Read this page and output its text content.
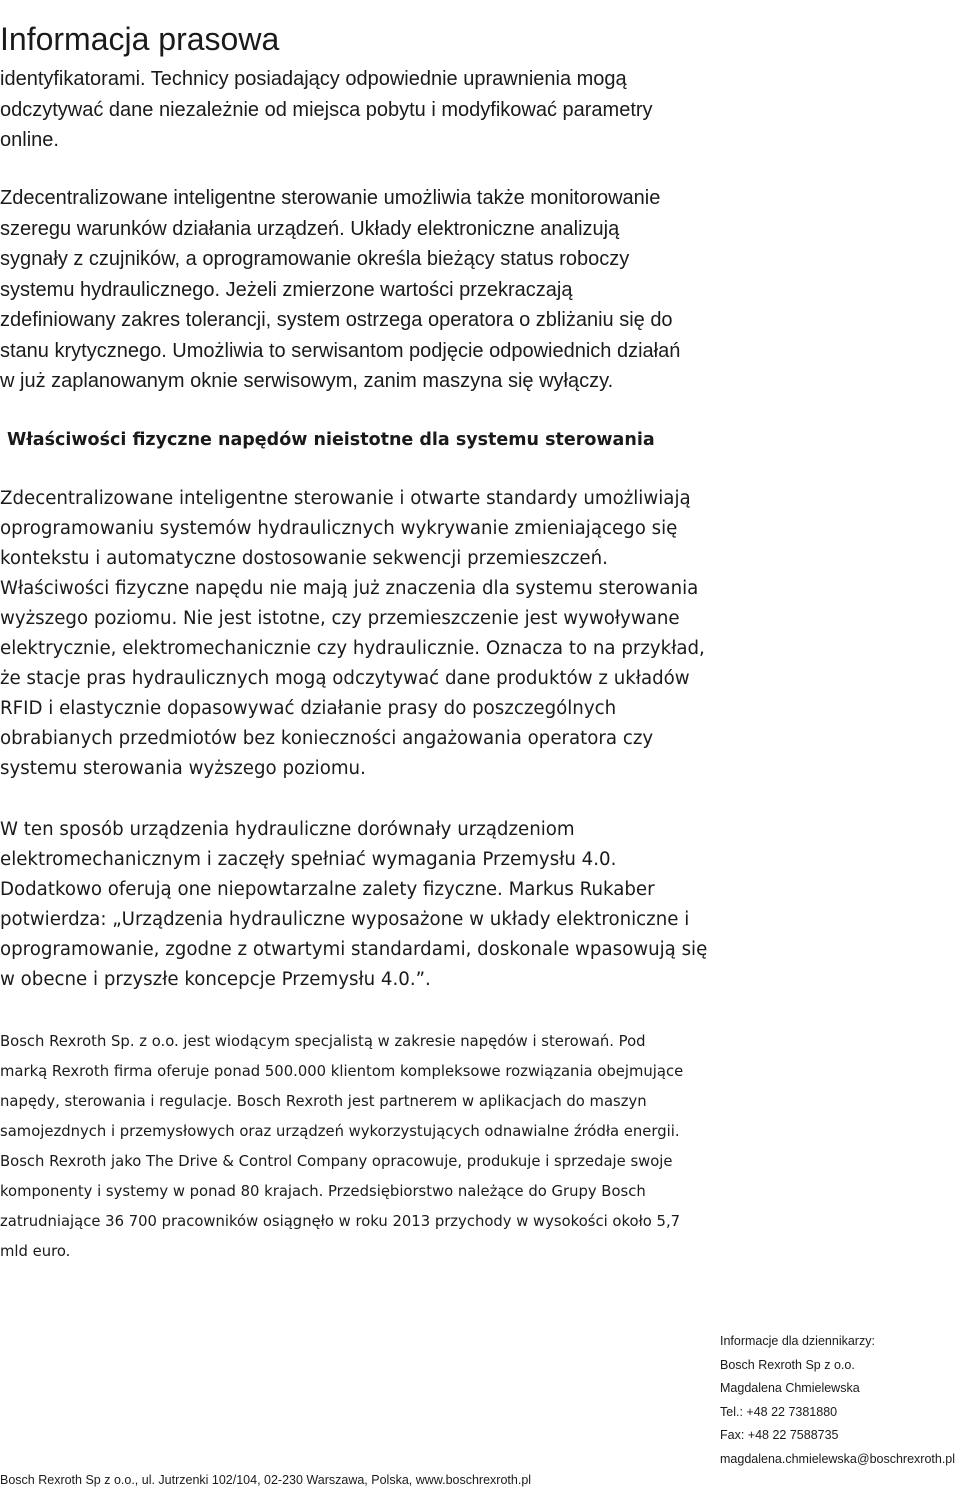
Informacja prasowa
identyfikatorami. Technicy posiadający odpowiednie uprawnienia mogą
odczytywać dane niezależnie od miejsca pobytu i modyfikować parametry
online.
Zdecentralizowane inteligentne sterowanie umożliwia także monitorowanie
szeregu warunków działania urządzeń. Układy elektroniczne analizują
sygnały z czujników, a oprogramowanie określa bieżący status roboczy
systemu hydraulicznego. Jeżeli zmierzone wartości przekraczają
zdefiniowany zakres tolerancji, system ostrzega operatora o zbliżaniu się do
stanu krytycznego. Umożliwia to serwisantom podjęcie odpowiednich działań
w już zaplanowanym oknie serwisowym, zanim maszyna się wyłączy.
Właściwości fizyczne napędów nieistotne dla systemu sterowania
Zdecentralizowane inteligentne sterowanie i otwarte standardy umożliwiają
oprogramowaniu systemów hydraulicznych wykrywanie zmieniającego się
kontekstu i automatyczne dostosowanie sekwencji przemieszczeń.
Właściwości fizyczne napędu nie mają już znaczenia dla systemu sterowania
wyższego poziomu. Nie jest istotne, czy przemieszczenie jest wywoływane
elektrycznie, elektromechanicznie czy hydraulicznie. Oznacza to na przykład,
że stacje pras hydraulicznych mogą odczytywać dane produktów z układów
RFID i elastycznie dopasowywać działanie prasy do poszczególnych
obrabianych przedmiotów bez konieczności angażowania operatora czy
systemu sterowania wyższego poziomu.
W ten sposób urządzenia hydrauliczne dorównały urządzeniom
elektromechanicznym i zaczęły spełniać wymagania Przemysłu 4.0.
Dodatkowo oferują one niepowtarzalne zalety fizyczne. Markus Rukaber
potwierdza: „Urządzenia hydrauliczne wyposażone w układy elektroniczne i
oprogramowanie, zgodne z otwartymi standardami, doskonale wpasowują się
w obecne i przyszłe koncepcje Przemysłu 4.0.”.
Bosch Rexroth Sp. z o.o. jest wiodącym specjalistą w zakresie napędów i sterowań. Pod
marką Rexroth firma oferuje ponad 500.000 klientom kompleksowe rozwiązania obejmujące
napędy, sterowania i regulacje. Bosch Rexroth jest partnerem w aplikacjach do maszyn
samojezdnych i przemysłowych oraz urządzeń wykorzystujących odnawialne źródła energii.
Bosch Rexroth jako The Drive & Control Company opracowuje, produkuje i sprzedaje swoje
komponenty i systemy w ponad 80 krajach. Przedsiębiorstwo należące do Grupy Bosch
zatrudniające 36 700 pracowników osiągnęło w roku 2013 przychody w wysokości około 5,7
mld euro.
Informacje dla dziennikarzy:
Bosch Rexroth Sp z o.o.
Magdalena Chmielewska
Tel.: +48 22 7381880
Fax: +48 22 7588735
magdalena.chmielewska@boschrexroth.pl
Bosch Rexroth Sp z o.o., ul. Jutrzenki 102/104, 02-230 Warszawa, Polska, www.boschrexroth.pl
